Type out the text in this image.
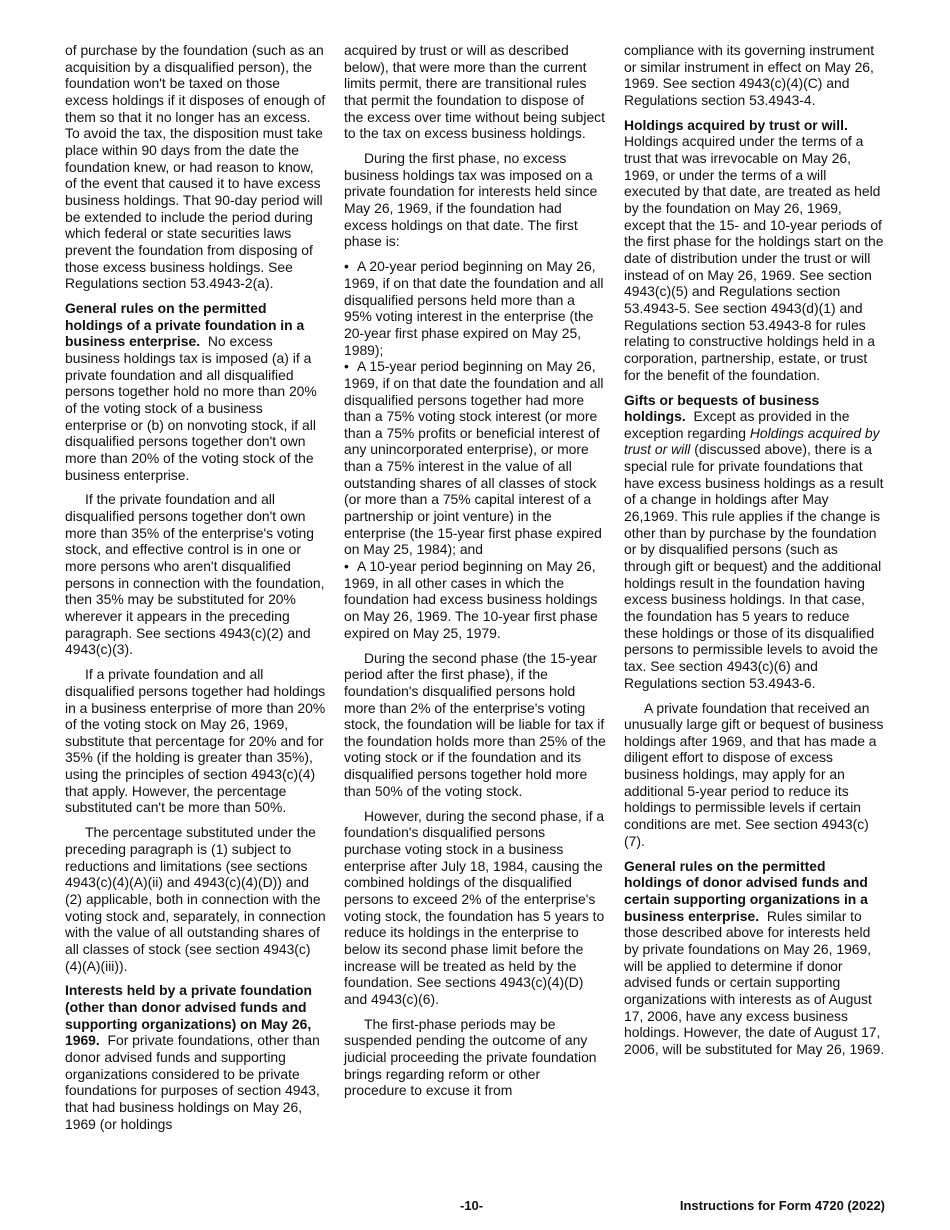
of purchase by the foundation (such as an acquisition by a disqualified person), the foundation won't be taxed on those excess holdings if it disposes of enough of them so that it no longer has an excess. To avoid the tax, the disposition must take place within 90 days from the date the foundation knew, or had reason to know, of the event that caused it to have excess business holdings. That 90-day period will be extended to include the period during which federal or state securities laws prevent the foundation from disposing of those excess business holdings. See Regulations section 53.4943-2(a).

General rules on the permitted holdings of a private foundation in a business enterprise. No excess business holdings tax is imposed (a) if a private foundation and all disqualified persons together hold no more than 20% of the voting stock of a business enterprise or (b) on nonvoting stock, if all disqualified persons together don't own more than 20% of the voting stock of the business enterprise.

If the private foundation and all disqualified persons together don't own more than 35% of the enterprise's voting stock, and effective control is in one or more persons who aren't disqualified persons in connection with the foundation, then 35% may be substituted for 20% wherever it appears in the preceding paragraph. See sections 4943(c)(2) and 4943(c)(3).

If a private foundation and all disqualified persons together had holdings in a business enterprise of more than 20% of the voting stock on May 26, 1969, substitute that percentage for 20% and for 35% (if the holding is greater than 35%), using the principles of section 4943(c)(4) that apply. However, the percentage substituted can't be more than 50%.

The percentage substituted under the preceding paragraph is (1) subject to reductions and limitations (see sections 4943(c)(4)(A)(ii) and 4943(c)(4)(D)) and (2) applicable, both in connection with the voting stock and, separately, in connection with the value of all outstanding shares of all classes of stock (see section 4943(c)(4)(A)(iii)).

Interests held by a private foundation (other than donor advised funds and supporting organizations) on May 26, 1969. For private foundations, other than donor advised funds and supporting organizations considered to be private foundations for purposes of section 4943, that had business holdings on May 26, 1969 (or holdings

acquired by trust or will as described below), that were more than the current limits permit, there are transitional rules that permit the foundation to dispose of the excess over time without being subject to the tax on excess business holdings.

During the first phase, no excess business holdings tax was imposed on a private foundation for interests held since May 26, 1969, if the foundation had excess holdings on that date. The first phase is:

• A 20-year period beginning on May 26, 1969, if on that date the foundation and all disqualified persons held more than a 95% voting interest in the enterprise (the 20-year first phase expired on May 25, 1989);

• A 15-year period beginning on May 26, 1969, if on that date the foundation and all disqualified persons together had more than a 75% voting stock interest (or more than a 75% profits or beneficial interest of any unincorporated enterprise), or more than a 75% interest in the value of all outstanding shares of all classes of stock (or more than a 75% capital interest of a partnership or joint venture) in the enterprise (the 15-year first phase expired on May 25, 1984); and

• A 10-year period beginning on May 26, 1969, in all other cases in which the foundation had excess business holdings on May 26, 1969. The 10-year first phase expired on May 25, 1979.

During the second phase (the 15-year period after the first phase), if the foundation's disqualified persons hold more than 2% of the enterprise's voting stock, the foundation will be liable for tax if the foundation holds more than 25% of the voting stock or if the foundation and its disqualified persons together hold more than 50% of the voting stock.

However, during the second phase, if a foundation's disqualified persons purchase voting stock in a business enterprise after July 18, 1984, causing the combined holdings of the disqualified persons to exceed 2% of the enterprise's voting stock, the foundation has 5 years to reduce its holdings in the enterprise to below its second phase limit before the increase will be treated as held by the foundation. See sections 4943(c)(4)(D) and 4943(c)(6).

The first-phase periods may be suspended pending the outcome of any judicial proceeding the private foundation brings regarding reform or other procedure to excuse it from

compliance with its governing instrument or similar instrument in effect on May 26, 1969. See section 4943(c)(4)(C) and Regulations section 53.4943-4.

Holdings acquired by trust or will. Holdings acquired under the terms of a trust that was irrevocable on May 26, 1969, or under the terms of a will executed by that date, are treated as held by the foundation on May 26, 1969, except that the 15- and 10-year periods of the first phase for the holdings start on the date of distribution under the trust or will instead of on May 26, 1969. See section 4943(c)(5) and Regulations section 53.4943-5. See section 4943(d)(1) and Regulations section 53.4943-8 for rules relating to constructive holdings held in a corporation, partnership, estate, or trust for the benefit of the foundation.

Gifts or bequests of business holdings. Except as provided in the exception regarding Holdings acquired by trust or will (discussed above), there is a special rule for private foundations that have excess business holdings as a result of a change in holdings after May 26,1969. This rule applies if the change is other than by purchase by the foundation or by disqualified persons (such as through gift or bequest) and the additional holdings result in the foundation having excess business holdings. In that case, the foundation has 5 years to reduce these holdings or those of its disqualified persons to permissible levels to avoid the tax. See section 4943(c)(6) and Regulations section 53.4943-6.

A private foundation that received an unusually large gift or bequest of business holdings after 1969, and that has made a diligent effort to dispose of excess business holdings, may apply for an additional 5-year period to reduce its holdings to permissible levels if certain conditions are met. See section 4943(c)(7).

General rules on the permitted holdings of donor advised funds and certain supporting organizations in a business enterprise. Rules similar to those described above for interests held by private foundations on May 26, 1969, will be applied to determine if donor advised funds or certain supporting organizations with interests as of August 17, 2006, have any excess business holdings. However, the date of August 17, 2006, will be substituted for May 26, 1969.

-10-	Instructions for Form 4720 (2022)
